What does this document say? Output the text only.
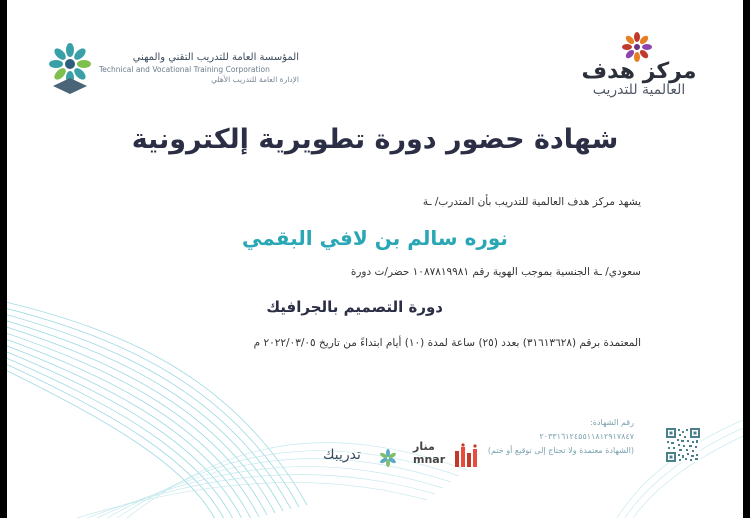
المؤسسة العامة للتدريب التقني والمهني
Technical and Vocational Training Corporation
الإدارة العامة للتدريب الأهلي	مركز هدف
العالمية للتدريب
شهادة حضور دورة تطويرية إلكترونية
يشهد مركز هدف العالمية للتدريب بأن المتدرب/ ـة
نوره سالم بن لافي البقمي
سعودي/ ـة الجنسية بموجب الهوية رقم ١٠٨٧٨١٩٩٨١ حضر/ت دورة
دورة التصميم بالجرافيك
المعتمدة برقم (٣١٦١٣٦٢٨) بعدد (٢٥) ساعة لمدة (١٠) أيام ابتداءً من تاريخ ٢٠٢٢/٠٣/٠٥ م
رقم الشهادة:
٢٠٣٣١٦١٢٤٥٥١١٨١٢٩١٧٨٤٧
(الشهادة معتمدة ولا تحتاج إلى توقيع أو ختم)
منار
mnar
تدريبك
